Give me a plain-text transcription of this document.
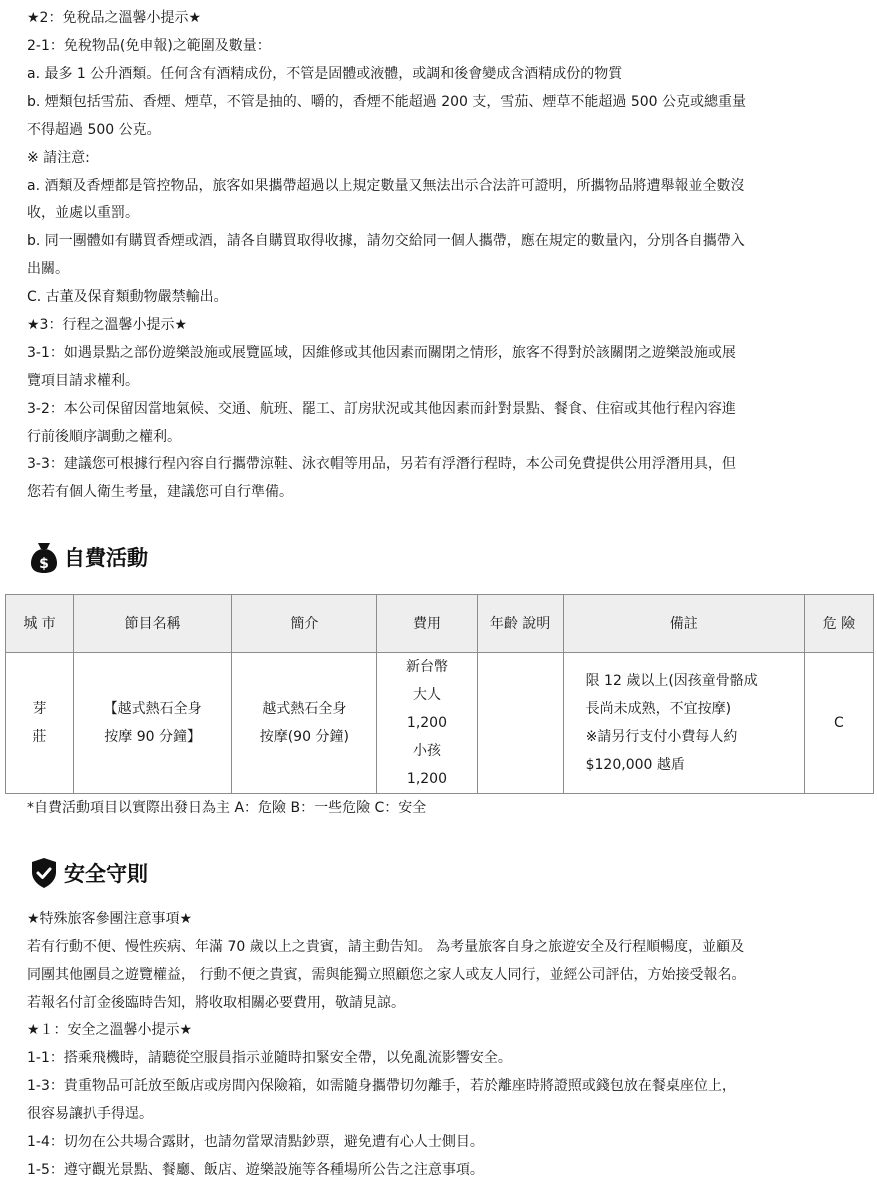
★2：免稅品之溫馨小提示★
2-1：免稅物品(免申報)之範圍及數量：
a. 最多 1 公升酒類。任何含有酒精成份，不管是固體或液體，或調和後會變成含酒精成份的物質
b. 煙類包括雪茄、香煙、煙草，不管是抽的、嚼的，香煙不能超過 200 支，雪茄、煙草不能超過 500 公克或總重量
不得超過 500 公克。
※ 請注意:
a. 酒類及香煙都是管控物品，旅客如果攜帶超過以上規定數量又無法出示合法許可證明，所攜物品將遭舉報並全數沒
收，並處以重罰。
b. 同一團體如有購買香煙或酒，請各自購買取得收據，請勿交給同一個人攜帶，應在規定的數量內，分別各自攜帶入
出關。
C. 古董及保育類動物嚴禁輸出。
★3：行程之溫馨小提示★
3-1：如遇景點之部份遊樂設施或展覽區域，因維修或其他因素而關閉之情形，旅客不得對於該關閉之遊樂設施或展
覽項目請求權利。
3-2：本公司保留因當地氣候、交通、航班、罷工、訂房狀況或其他因素而針對景點、餐食、住宿或其他行程內容進
行前後順序調動之權利。
3-3：建議您可根據行程內容自行攜帶涼鞋、泳衣帽等用品，另若有浮潛行程時，本公司免費提供公用浮潛用具，但
您若有個人衛生考量，建議您可自行準備。
$ 自費活動
城 市	節目名稱	簡介	費用	年齡 說明	備註	危 險

芽
莊	【越式熱石全身
按摩 90 分鐘】	越式熱石全身
按摩(90 分鐘)	新台幣
大人
1,200
小孩
1,200		限 12 歲以上(因孩童骨骼成
長尚未成熟，不宜按摩)
※請另行支付小費每人約
$120,000 越盾	C
*自費活動項目以實際出發日為主 A：危險 B：一些危險 C：安全
安全守則
★特殊旅客參團注意事項★
若有行動不便、慢性疾病、年滿 70 歲以上之貴賓，請主動告知。 為考量旅客自身之旅遊安全及行程順暢度，並顧及
同團其他團員之遊覽權益， 行動不便之貴賓，需與能獨立照顧您之家人或友人同行，並經公司評估，方始接受報名。
若報名付訂金後臨時告知，將收取相關必要費用，敬請見諒。
★１：安全之溫馨小提示★
1-1：搭乘飛機時，請聽從空服員指示並隨時扣緊安全帶，以免亂流影響安全。
1-3：貴重物品可託放至飯店或房間內保險箱，如需隨身攜帶切勿離手，若於離座時將證照或錢包放在餐桌座位上，
很容易讓扒手得逞。
1-4：切勿在公共場合露財，也請勿當眾清點鈔票，避免遭有心人士側目。
1-5：遵守觀光景點、餐廳、飯店、遊樂設施等各種場所公告之注意事項。
